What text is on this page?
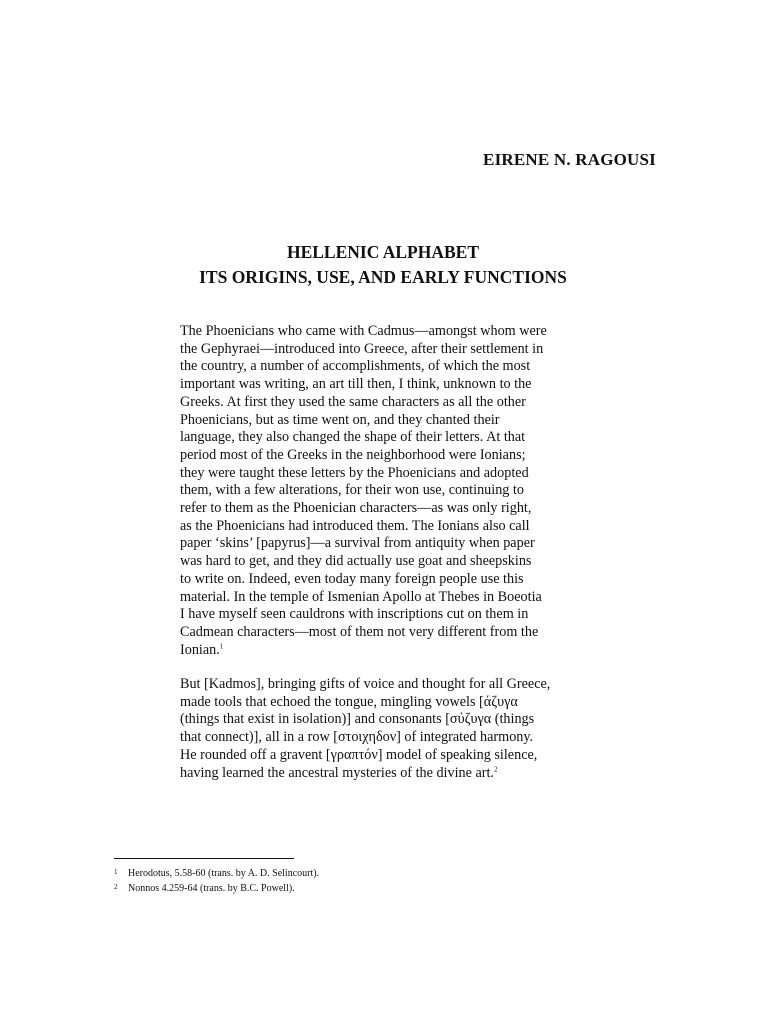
EIRENE N. RAGOUSI
HELLENIC ALPHABET
ITS ORIGINS, USE, AND EARLY FUNCTIONS
The Phoenicians who came with Cadmus—amongst whom were
the Gephyraei—introduced into Greece, after their settlement in
the country, a number of accomplishments, of which the most
important was writing, an art till then, I think, unknown to the
Greeks. At first they used the same characters as all the other
Phoenicians, but as time went on, and they chanted their
language, they also changed the shape of their letters. At that
period most of the Greeks in the neighborhood were Ionians;
they were taught these letters by the Phoenicians and adopted
them, with a few alterations, for their won use, continuing to
refer to them as the Phoenician characters—as was only right,
as the Phoenicians had introduced them. The Ionians also call
paper ‘skins’ [papyrus]—a survival from antiquity when paper
was hard to get, and they did actually use goat and sheepskins
to write on. Indeed, even today many foreign people use this
material. In the temple of Ismenian Apollo at Thebes in Boeotia
I have myself seen cauldrons with inscriptions cut on them in
Cadmean characters—most of them not very different from the
Ionian.$^1$
But [Kadmos], bringing gifts of voice and thought for all Greece,
made tools that echoed the tongue, mingling vowels [άζυγα
(things that exist in isolation)] and consonants [σύζυγα (things
that connect)], all in a row [στοιχηδον] of integrated harmony.
He rounded off a gravent [γραπτόν] model of speaking silence,
having learned the ancestral mysteries of the divine art.$^2$
1 Herodotus, 5.58-60 (trans. by A. D. Selincourt).
2 Nonnos 4.259-64 (trans. by B.C. Powell).
